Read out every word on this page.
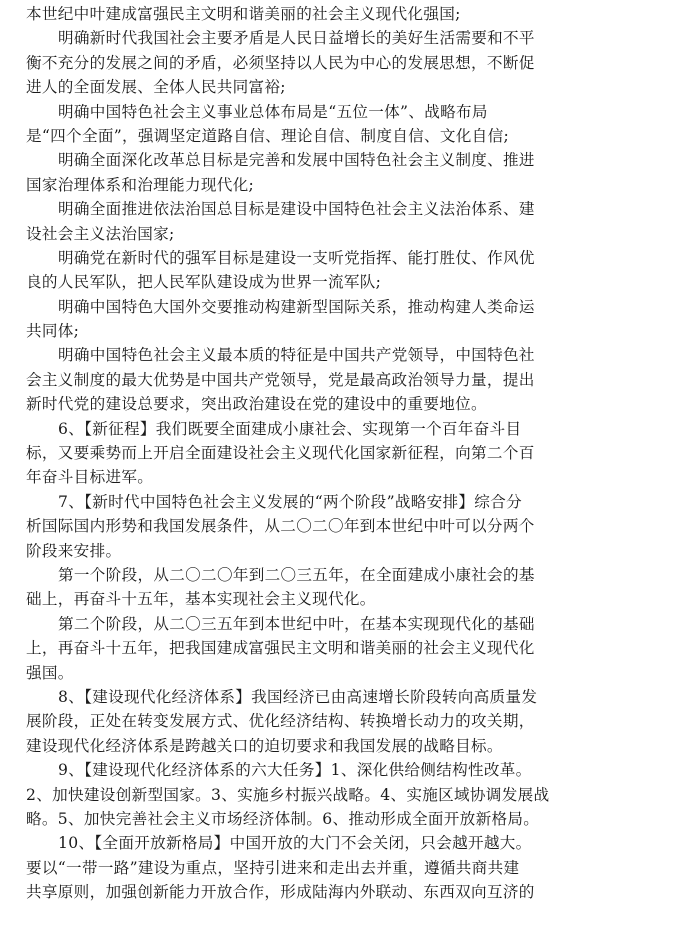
本世纪中叶建成富强民主文明和谐美丽的社会主义现代化强国;
明确新时代我国社会主要矛盾是人民日益增长的美好生活需要和不平
衡不充分的发展之间的矛盾，必须坚持以人民为中心的发展思想，不断促
进人的全面发展、全体人民共同富裕;
明确中国特色社会主义事业总体布局是“五位一体”、战略布局
是“四个全面”，强调坚定道路自信、理论自信、制度自信、文化自信;
明确全面深化改革总目标是完善和发展中国特色社会主义制度、推进
国家治理体系和治理能力现代化;
明确全面推进依法治国总目标是建设中国特色社会主义法治体系、建
设社会主义法治国家;
明确党在新时代的强军目标是建设一支听党指挥、能打胜仗、作风优
良的人民军队，把人民军队建设成为世界一流军队;
明确中国特色大国外交要推动构建新型国际关系，推动构建人类命运
共同体;
明确中国特色社会主义最本质的特征是中国共产党领导，中国特色社
会主义制度的最大优势是中国共产党领导，党是最高政治领导力量，提出
新时代党的建设总要求，突出政治建设在党的建设中的重要地位。
6、【新征程】我们既要全面建成小康社会、实现第一个百年奋斗目
标，又要乘势而上开启全面建设社会主义现代化国家新征程，向第二个百
年奋斗目标进军。
7、【新时代中国特色社会主义发展的“两个阶段”战略安排】综合分
析国际国内形势和我国发展条件，从二〇二〇年到本世纪中叶可以分两个
阶段来安排。
第一个阶段，从二〇二〇年到二〇三五年，在全面建成小康社会的基
础上，再奋斗十五年，基本实现社会主义现代化。
第二个阶段，从二〇三五年到本世纪中叶，在基本实现现代化的基础
上，再奋斗十五年，把我国建成富强民主文明和谐美丽的社会主义现代化
强国。
8、【建设现代化经济体系】我国经济已由高速增长阶段转向高质量发
展阶段，正处在转变发展方式、优化经济结构、转换增长动力的攻关期，
建设现代化经济体系是跨越关口的迫切要求和我国发展的战略目标。
9、【建设现代化经济体系的六大任务】1、深化供给侧结构性改革。
2、加快建设创新型国家。3、实施乡村振兴战略。4、实施区域协调发展战
略。5、加快完善社会主义市场经济体制。6、推动形成全面开放新格局。
10、【全面开放新格局】中国开放的大门不会关闭，只会越开越大。
要以“一带一路”建设为重点，坚持引进来和走出去并重，遵循共商共建
共享原则，加强创新能力开放合作，形成陆海内外联动、东西双向互济的
